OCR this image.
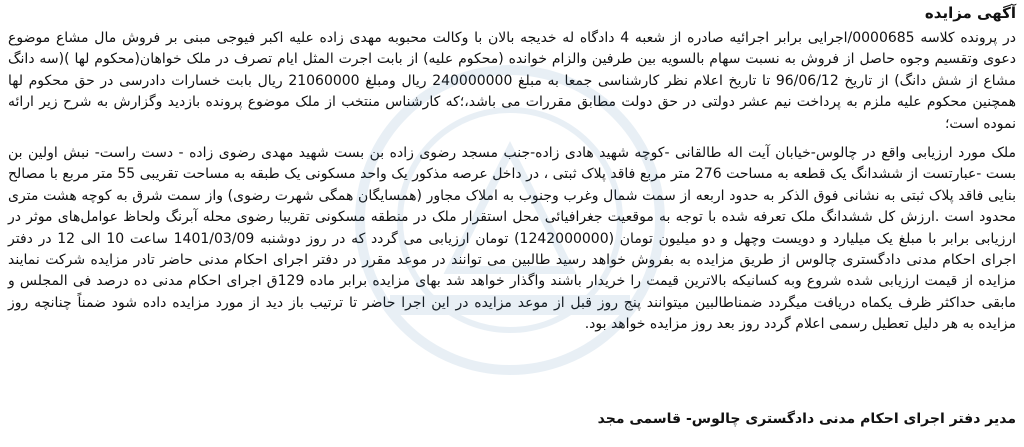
آگهی مزایده

در پرونده کلاسه 0000685/اجرایی برابر اجرائیه صادره از شعبه 4 دادگاه له خدیجه بالان با وکالت محبوبه مهدی زاده علیه اکبر فیوجی مبنی بر فروش مال مشاع موضوع دعوی وتقسیم وجوه حاصل از فروش به نسبت سهام بالسویه بین طرفین والزام خوانده (محکوم علیه) از بابت اجرت المثل ایام تصرف در ملک خواهان(محکوم لها )(سه دانگ مشاع از شش دانگ) از تاریخ 96/06/12 تا تاریخ اعلام نظر کارشناسی جمعا به مبلغ 240000000 ریال ومبلغ 21060000 ریال بابت خسارات دادرسی در حق محکوم لها همچنین محکوم علیه ملزم به پرداخت نیم عشر دولتی در حق دولت مطابق مقررات می باشد،؛که کارشناس منتخب از ملک موضوع پرونده بازدید وگزارش به شرح زیر ارائه نموده است؛

ملک مورد ارزیابی واقع در چالوس-خیابان آیت اله طالقانی -کوچه شهید هادی زاده-جنب مسجد رضوی زاده بن بست شهید مهدی رضوی زاده - دست راست- نبش اولین بن بست -عبارتست از ششدانگ یک قطعه به مساحت 276 متر مربع فاقد پلاک ثبتی ، در داخل عرصه مذکور یک واحد مسکونی یک طبقه به مساحت تقریبی 55 متر مربع با مصالح بنایی فاقد پلاک ثبتی به نشانی فوق الذکر به حدود اربعه از سمت شمال وغرب وجنوب به املاک مجاور (همسایگان همگی شهرت رضوی) واز سمت شرق به کوچه هشت متری محدود است .ارزش کل ششدانگ ملک تعرفه شده با توجه به موقعیت جغرافیائی محل استقرار ملک در منطقه مسکونی تقریبا رضوی محله آبرنگ ولحاظ عوامل‌های موثر در ارزیابی برابر با مبلغ یک میلیارد و دویست وچهل و دو میلیون تومان (1242000000) تومان ارزیابی می گردد که در روز دوشنبه 1401/03/09 ساعت 10 الی 12 در دفتر اجرای احکام مدنی دادگستری چالوس از طریق مزایده به بفروش خواهد رسید طالبین می توانند در موعد مقرر در دفتر اجرای احکام مدنی حاضر تادر مزایده شرکت نمایند مزایده از قیمت ارزیابی شده شروع وبه کسانیکه بالاترین قیمت را خریدار باشند واگذار خواهد شد بهای مزایده برابر ماده 129ق اجرای احکام مدنی ده درصد فی المجلس و مابقی حداکثر ظرف یکماه دریافت میگردد ضمنا‌طالبین میتوانند پنج روز قبل از موعد مزایده در این اجرا حاضر تا ترتیب باز دید از مورد مزایده داده شود ضمناً چنانچه روز مزایده به هر دلیل تعطیل رسمی اعلام گردد روز بعد روز مزایده خواهد بود.

مدیر دفتر اجرای احکام مدنی دادگستری چالوس- قاسمی مجد
